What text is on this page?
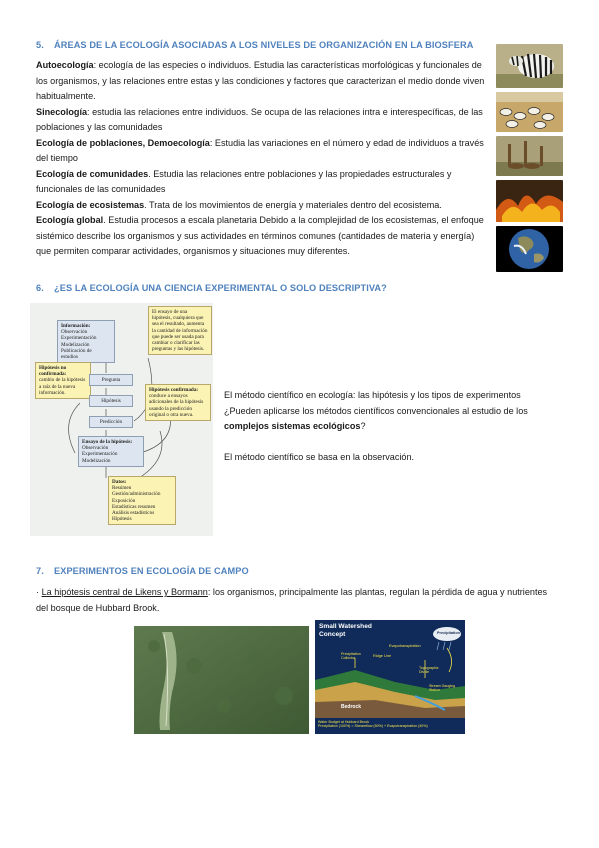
5. ÁREAS DE LA ECOLOGÍA ASOCIADAS A LOS NIVELES DE ORGANIZACIÓN EN LA BIOSFERA
Autoecología: ecología de las especies o individuos. Estudia las características morfológicas y funcionales de los organismos, y las relaciones entre estas y las condiciones y factores que caracterizan el medio donde viven habitualmente.
Sinecología: estudia las relaciones entre individuos. Se ocupa de las relaciones intra e interespecíficas, de las poblaciones y las comunidades
Ecología de poblaciones, Demoecología: Estudia las variaciones en el número y edad de individuos a través del tiempo
Ecología de comunidades. Estudia las relaciones entre poblaciones y las propiedades estructurales y funcionales de las comunidades
Ecología de ecosistemas. Trata de los movimientos de energía y materiales dentro del ecosistema.
Ecología global. Estudia procesos a escala planetaria Debido a la complejidad de los ecosistemas, el enfoque sistémico describe los organismos y sus actividades en términos comunes (cantidades de materia y energía) que permiten comparar actividades, organismos y situaciones muy diferentes.
6. ¿ES LA ECOLOGÍA UNA CIENCIA EXPERIMENTAL O SOLO DESCRIPTIVA?
Información:
Observación
Experimentación
Modelización
Publicación de
estudios
El ensayo de una hipótesis, cualquiera que sea el resultado, aumenta la cantidad de información que puede ser usada para cambiar o clarificar las preguntas y las hipótesis.
Hipótesis no confirmada:
cambio de la hipótesis a raíz de la nueva información.
Pregunta
Hipótesis
Predicción
Hipótesis confirmada:
conduce a ensayos adicionales de la hipótesis usando la predicción original o otra nueva.
Ensayo de la hipótesis:
Observación
Experimentación
Modelización
Datos:
Resúmen
Gestión/administración
Exposición
Estadísticas resumen
Análisis estadísticos
Hipótesis
El método científico en ecología: las hipótesis y los tipos de experimentos
¿Pueden aplicarse los métodos científicos convencionales al estudio de los
complejos sistemas ecológicos?
El método científico se basa en la observación.
7. EXPERIMENTOS EN ECOLOGÍA DE CAMPO
· La hipótesis central de Likens y Bormann: los organismos, principalmente las plantas, regulan la pérdida de agua y nutrientes del bosque de Hubbard Brook.
Small Watershed
Concept	Precipitation
Evapotranspiration
Precipitation Collector
Ridge Line
Topographic Divide
Stream Gauging Station
Bedrock
Water Budget at Hubbard Brook
Precipitation (100%) = Streamflow (60%) + Evapotranspiration (40%)
